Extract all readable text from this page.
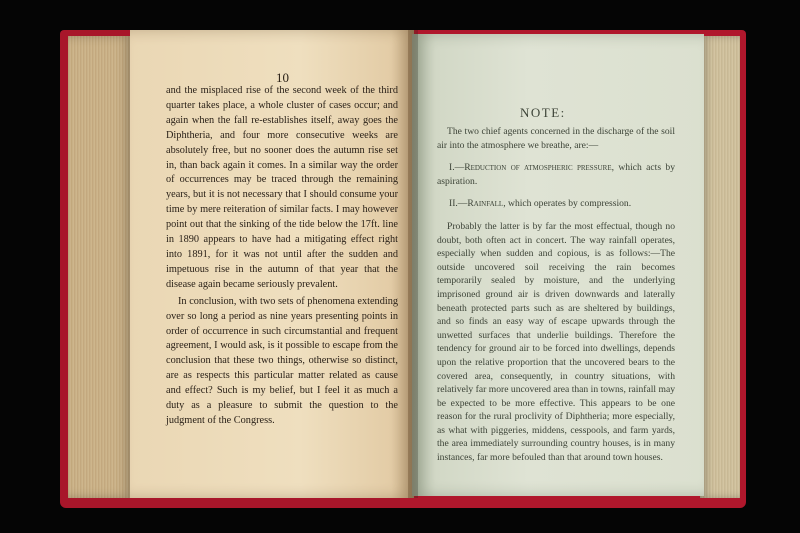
10

and the misplaced rise of the second week of the third quarter takes place, a whole cluster of cases occur; and again when the fall re-establishes itself, away goes the Diphtheria, and four more consecutive weeks are absolutely free, but no sooner does the autumn rise set in, than back again it comes. In a similar way the order of occurrences may be traced through the remaining years, but it is not necessary that I should consume your time by mere reiteration of similar facts. I may however point out that the sinking of the tide below the 17ft. line in 1890 appears to have had a mitigating effect right into 1891, for it was not until after the sudden and impetuous rise in the autumn of that year that the disease again became seriously prevalent.

In conclusion, with two sets of phenomena extending over so long a period as nine years presenting points in order of occurrence in such circumstantial and frequent agreement, I would ask, is it possible to escape from the conclusion that these two things, otherwise so distinct, are as respects this particular matter related as cause and effect? Such is my belief, but I feel it as much a duty as a pleasure to submit the question to the judgment of the Congress.

NOTE:

The two chief agents concerned in the discharge of the soil air into the atmosphere we breathe, are:—

I.—Reduction of atmospheric pressure, which acts by aspiration.

II.—Rainfall, which operates by compression.

Probably the latter is by far the most effectual, though no doubt, both often act in concert. The way rainfall operates, especially when sudden and copious, is as follows:—The outside uncovered soil receiving the rain becomes temporarily sealed by moisture, and the underlying imprisoned ground air is driven downwards and laterally beneath protected parts such as are sheltered by buildings, and so finds an easy way of escape upwards through the unwetted surfaces that underlie buildings. Therefore the tendency for ground air to be forced into dwellings, depends upon the relative proportion that the uncovered bears to the covered area, consequently, in country situations, with relatively far more uncovered area than in towns, rainfall may be expected to be more effective. This appears to be one reason for the rural proclivity of Diphtheria; more especially, as what with piggeries, middens, cesspools, and farm yards, the area immediately surrounding country houses, is in many instances, far more befouled than that around town houses.
